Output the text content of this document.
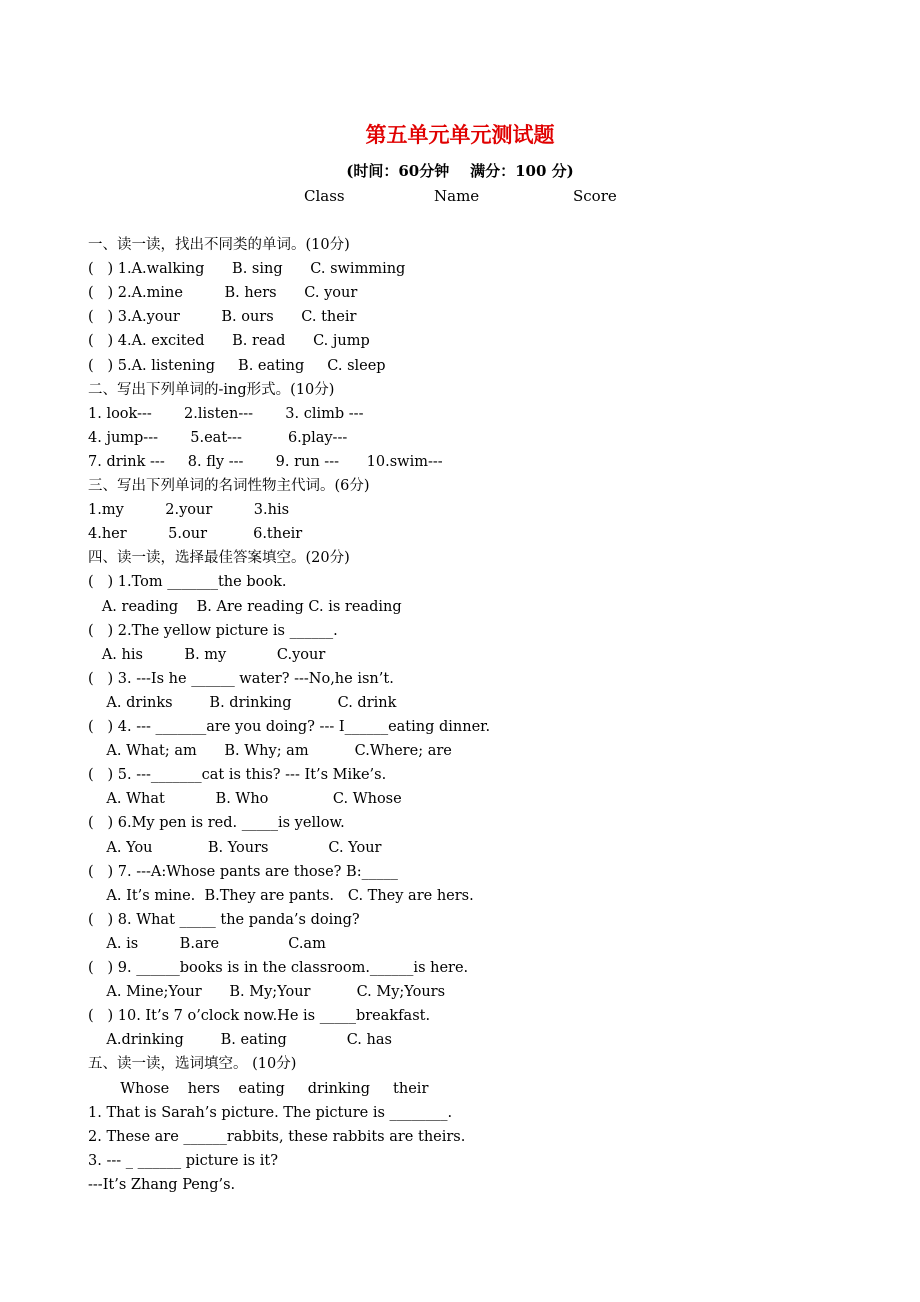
第五单元单元测试题
(时间：60分钟    满分：100 分)
Class	Name	Score
一、读一读，找出不同类的单词。(10分)
(   ) 1.A.walking      B. sing      C. swimming
(   ) 2.A.mine         B. hers      C. your
(   ) 3.A.your         B. ours      C. their
(   ) 4.A. excited      B. read      C. jump
(   ) 5.A. listening     B. eating     C. sleep
二、写出下列单词的-ing形式。(10分)
1. look---       2.listen---       3. climb ---
4. jump---       5.eat---          6.play---
7. drink ---     8. fly ---       9. run ---      10.swim---
三、写出下列单词的名词性物主代词。(6分)
1.my         2.your         3.his
4.her         5.our          6.their
四、读一读，选择最佳答案填空。(20分)
(   ) 1.Tom _______the book.
A. reading    B. Are reading C. is reading
(   ) 2.The yellow picture is ______.
A. his         B. my           C.your
(   ) 3. ---Is he ______ water? ---No,he isn’t.
A. drinks        B. drinking          C. drink
(   ) 4. --- _______are you doing? --- I______eating dinner.
A. What; am      B. Why; am          C.Where; are
(   ) 5. ---_______cat is this? --- It’s Mike’s.
A. What           B. Who              C. Whose
(   ) 6.My pen is red. _____is yellow.
A. You            B. Yours             C. Your
(   ) 7. ---A:Whose pants are those? B:_____
A. It’s mine.  B.They are pants.   C. They are hers.
(   ) 8. What _____ the panda’s doing?
A. is         B.are               C.am
(   ) 9. ______books is in the classroom.______is here.
A. Mine;Your      B. My;Your          C. My;Yours
(   ) 10. It’s 7 o’clock now.He is _____breakfast.
A.drinking        B. eating             C. has
五、读一读，选词填空。 (10分)
Whose    hers    eating     drinking     their
1. That is Sarah’s picture. The picture is ________.
2. These are ______rabbits, these rabbits are theirs.
3. --- _ ______ picture is it?
---It’s Zhang Peng’s.
